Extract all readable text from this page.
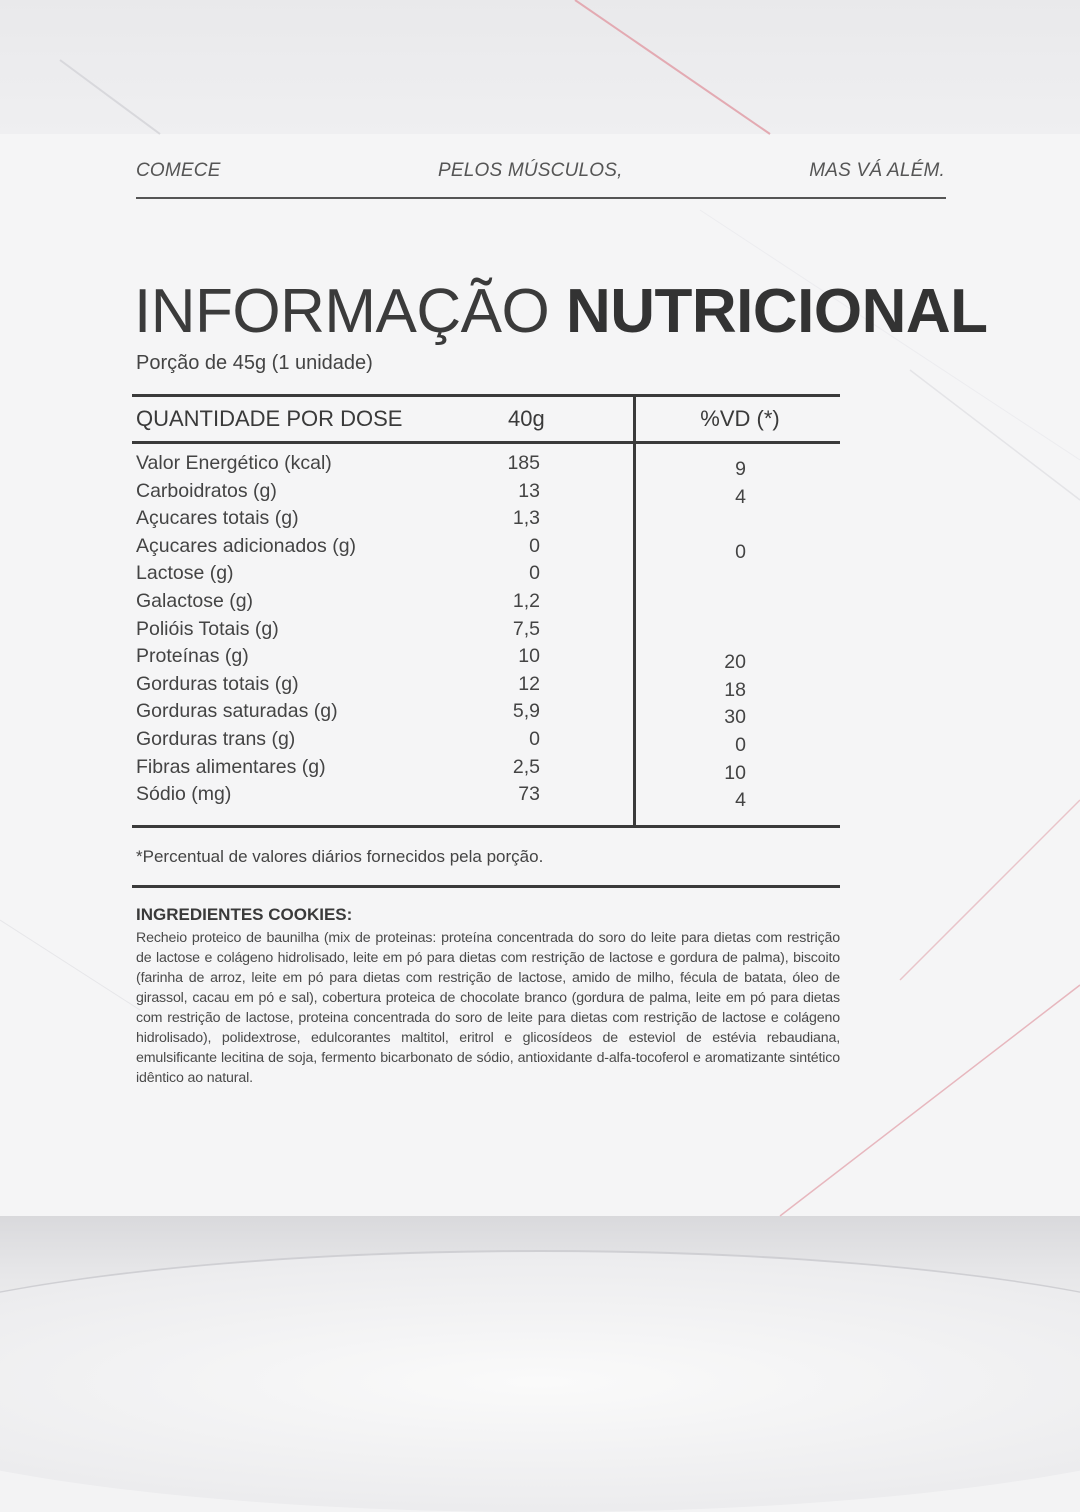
COMECE	PELOS MÚSCULOS,	MAS VÁ ALÉM.
INFORMAÇÃO NUTRICIONAL
Porção de 45g (1 unidade)
QUANTIDADE POR DOSE	40g	%VD (*)
Valor Energético (kcal)	185	9
Carboidratos (g)	13	4
Açucares totais (g)	1,3
Açucares adicionados (g)	0	0
Lactose (g)	0
Galactose (g)	1,2
Polióis Totais (g)	7,5
Proteínas (g)	10	20
Gorduras totais (g)	12	18
Gorduras saturadas (g)	5,9	30
Gorduras trans (g)	0	0
Fibras alimentares (g)	2,5	10
Sódio (mg)	73	4
*Percentual de valores diários fornecidos pela porção.
INGREDIENTES COOKIES:
Recheio proteico de baunilha (mix de proteinas: proteína concentrada do soro do leite para dietas com restrição de lactose e colágeno hidrolisado, leite em pó para dietas com restrição de lactose e gordura de palma), biscoito (farinha de arroz, leite em pó para dietas com restrição de lactose, amido de milho, fécula de batata, óleo de girassol, cacau em pó e sal), cobertura proteica de chocolate branco (gordura de palma, leite em pó para dietas com restrição de lactose, proteina concentrada do soro de leite para dietas com restrição de lactose e colágeno hidrolisado), polidextrose, edulcorantes maltitol, eritrol e glicosídeos de esteviol de estévia rebaudiana, emulsificante lecitina de soja, fermento bicarbonato de sódio, antioxidante d-alfa-tocoferol e aromatizante sintético idêntico ao natural.
